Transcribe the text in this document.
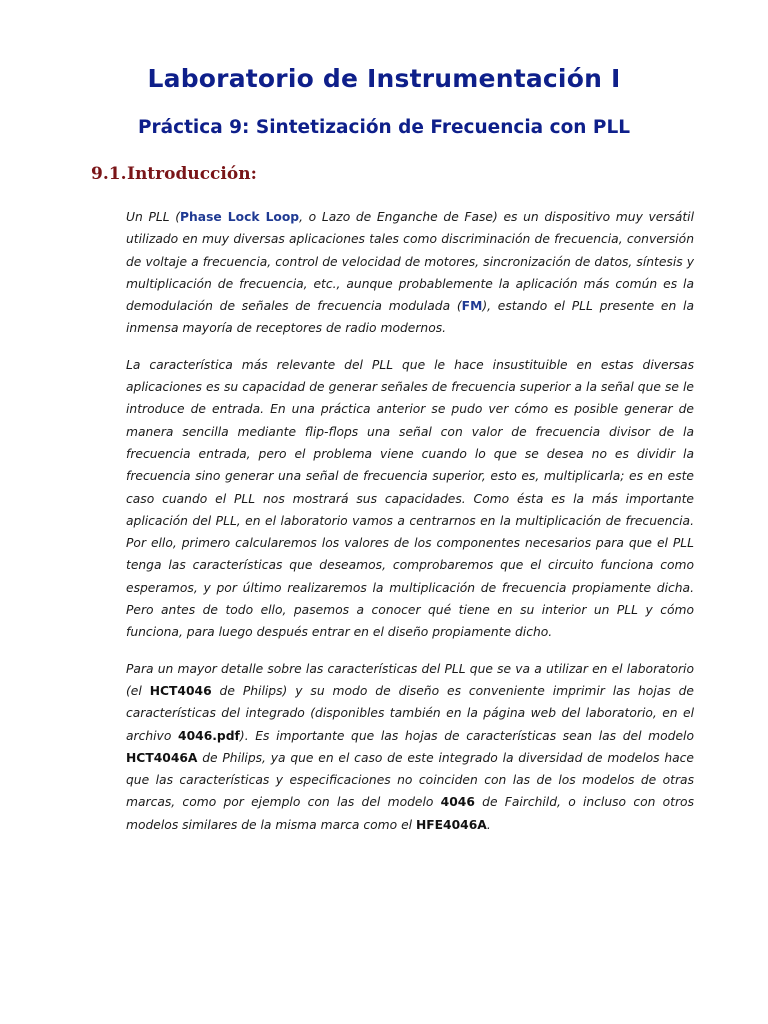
Laboratorio de Instrumentación I
Práctica 9: Sintetización de Frecuencia con PLL
9.1.Introducción:

Un PLL (Phase Lock Loop, o Lazo de Enganche de Fase) es un dispositivo muy versátil utilizado en muy diversas aplicaciones tales como discriminación de frecuencia, conversión de voltaje a frecuencia, control de velocidad de motores, sincronización de datos, síntesis y multiplicación de frecuencia, etc., aunque probablemente la aplicación más común es la demodulación de señales de frecuencia modulada (FM), estando el PLL presente en la inmensa mayoría de receptores de radio modernos.

La característica más relevante del PLL que le hace insustituible en estas diversas aplicaciones es su capacidad de generar señales de frecuencia superior a la señal que se le introduce de entrada. En una práctica anterior se pudo ver cómo es posible generar de manera sencilla mediante flip-flops una señal con valor de frecuencia divisor de la frecuencia entrada, pero el problema viene cuando lo que se desea no es dividir la frecuencia sino generar una señal de frecuencia superior, esto es, multiplicarla; es en este caso cuando el PLL nos mostrará sus capacidades. Como ésta es la más importante aplicación del PLL, en el laboratorio vamos a centrarnos en la multiplicación de frecuencia. Por ello, primero calcularemos los valores de los componentes necesarios para que el PLL tenga las características que deseamos, comprobaremos que el circuito funciona como esperamos, y por último realizaremos la multiplicación de frecuencia propiamente dicha. Pero antes de todo ello, pasemos a conocer qué tiene en su interior un PLL y cómo funciona, para luego después entrar en el diseño propiamente dicho.

Para un mayor detalle sobre las características del PLL que se va a utilizar en el laboratorio (el HCT4046 de Philips) y su modo de diseño es conveniente imprimir las hojas de características del integrado (disponibles también en la página web del laboratorio, en el archivo 4046.pdf). Es importante que las hojas de características sean las del modelo HCT4046A de Philips, ya que en el caso de este integrado la diversidad de modelos hace que las características y especificaciones no coinciden con las de los modelos de otras marcas, como por ejemplo con las del modelo 4046 de Fairchild, o incluso con otros modelos similares de la misma marca como el HFE4046A.
